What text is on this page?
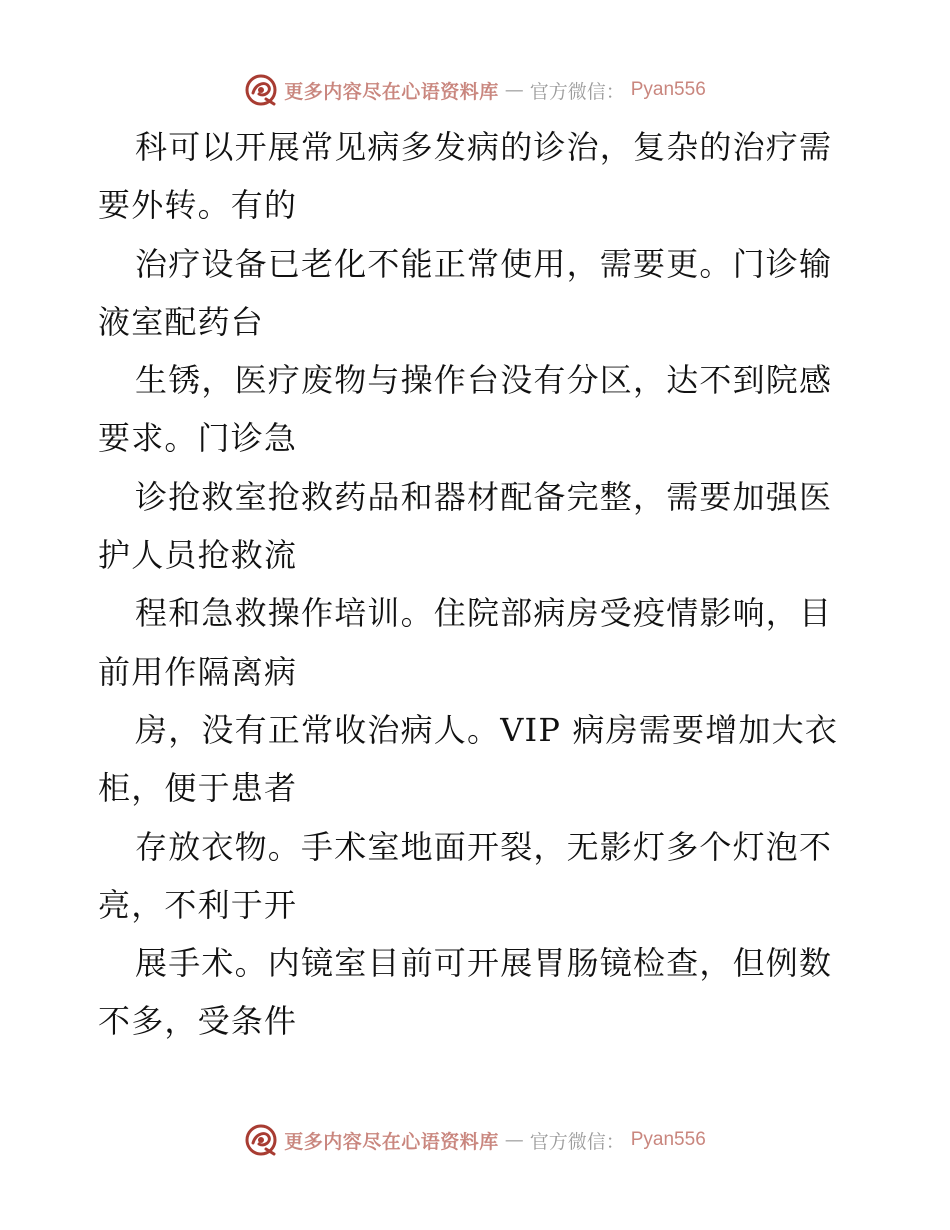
更多内容尽在心语资料库 — 官方微信： Pyan556
科可以开展常见病多发病的诊治，复杂的治疗需
要外转。有的
治疗设备已老化不能正常使用，需要更。门诊输
液室配药台
生锈，医疗废物与操作台没有分区，达不到院感
要求。门诊急
诊抢救室抢救药品和器材配备完整，需要加强医
护人员抢救流
程和急救操作培训。住院部病房受疫情影响，目
前用作隔离病
房，没有正常收治病人。VIP 病房需要增加大衣
柜，便于患者
存放衣物。手术室地面开裂，无影灯多个灯泡不
亮，不利于开
展手术。内镜室目前可开展胃肠镜检查，但例数
不多，受条件
更多内容尽在心语资料库 — 官方微信： Pyan556
